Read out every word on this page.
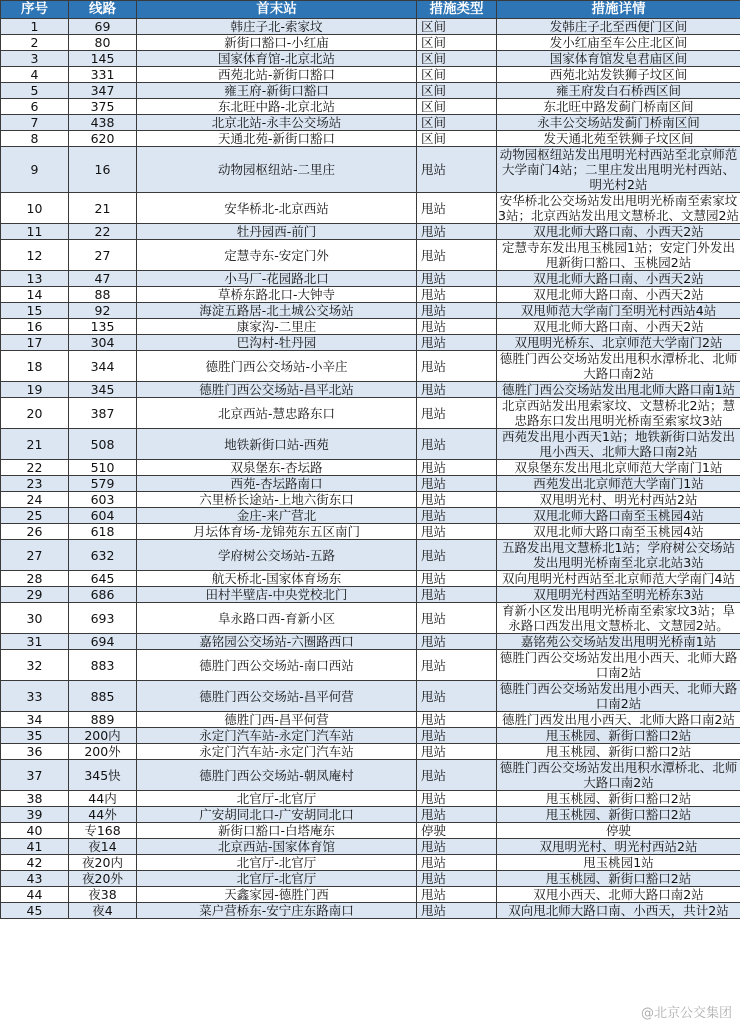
序号	线路	首末站	措施类型	措施详情
1	69	韩庄子北-索家坟	区间	发韩庄子北至西便门区间
2	80	新街口豁口-小红庙	区间	发小红庙至车公庄北区间
3	145	国家体育馆-北京北站	区间	国家体育馆发皂君庙区间
4	331	西苑北站-新街口豁口	区间	西苑北站发铁狮子坟区间
5	347	雍王府-新街口豁口	区间	雍王府发白石桥西区间
6	375	东北旺中路-北京北站	区间	东北旺中路发蓟门桥南区间
7	438	北京北站-永丰公交场站	区间	永丰公交场站发蓟门桥南区间
8	620	天通北苑-新街口豁口	区间	发天通北苑至铁狮子坟区间
9	16	动物园枢纽站-二里庄	甩站	动物园枢纽站发出甩明光村西站至北京师范大学南门4站；二里庄发出甩明光村西站、明光村2站
10	21	安华桥北-北京西站	甩站	安华桥北公交场站发出甩明光桥南至索家坟3站；北京西站发出甩文慧桥北、文慧园2站
11	22	牡丹园西-前门	甩站	双甩北师大路口南、小西天2站
12	27	定慧寺东-安定门外	甩站	定慧寺东发出甩玉桃园1站；安定门外发出甩新街口豁口、玉桃园2站
13	47	小马厂-花园路北口	甩站	双甩北师大路口南、小西天2站
14	88	草桥东路北口-大钟寺	甩站	双甩北师大路口南、小西天2站
15	92	海淀五路居-北土城公交场站	甩站	双甩师范大学南门至明光村西站4站
16	135	康家沟-二里庄	甩站	双甩北师大路口南、小西天2站
17	304	巴沟村-牡丹园	甩站	双甩明光桥东、北京师范大学南门2站
18	344	德胜门西公交场站-小辛庄	甩站	德胜门西公交场站发出甩积水潭桥北、北师大路口南2站
19	345	德胜门西公交场站-昌平北站	甩站	德胜门西公交场站发出甩北师大路口南1站
20	387	北京西站-慧忠路东口	甩站	北京西站发出甩索家坟、文慧桥北2站；慧忠路东口发出甩明光桥南至索家坟3站
21	508	地铁新街口站-西苑	甩站	西苑发出甩小西天1站；地铁新街口站发出甩小西天、北师大路口南2站
22	510	双泉堡东-杏坛路	甩站	双泉堡东发出甩北京师范大学南门1站
23	579	西苑-杏坛路南口	甩站	西苑发出北京师范大学南门1站
24	603	六里桥长途站-上地六街东口	甩站	双甩明光村、明光村西站2站
25	604	金庄-来广营北	甩站	双甩北师大路口南至玉桃园4站
26	618	月坛体育场-龙锦苑东五区南门	甩站	双甩北师大路口南至玉桃园4站
27	632	学府树公交场站-五路	甩站	五路发出甩文慧桥北1站；学府树公交场站发出甩明光桥南至北京北站3站
28	645	航天桥北-国家体育场东	甩站	双向甩明光村西站至北京师范大学南门4站
29	686	田村半壁店-中央党校北门	甩站	双甩明光村西站至明光桥东3站
30	693	阜永路口西-育新小区	甩站	育新小区发出甩明光桥南至索家坟3站；阜永路口西发出甩文慧桥北、文慧园2站。
31	694	嘉铭园公交场站-六圈路西口	甩站	嘉铭苑公交场站发出甩明光桥南1站
32	883	德胜门西公交场站-南口西站	甩站	德胜门西公交场站发出甩小西天、北师大路口南2站
33	885	德胜门西公交场站-昌平何营	甩站	德胜门西公交场站发出甩小西天、北师大路口南2站
34	889	德胜门西-昌平何营	甩站	德胜门西发出甩小西天、北师大路口南2站
35	200内	永定门汽车站-永定门汽车站	甩站	甩玉桃园、新街口豁口2站
36	200外	永定门汽车站-永定门汽车站	甩站	甩玉桃园、新街口豁口2站
37	345快	德胜门西公交场站-朝凤庵村	甩站	德胜门西公交场站发出甩积水潭桥北、北师大路口南2站
38	44内	北官厅-北官厅	甩站	甩玉桃园、新街口豁口2站
39	44外	广安胡同北口-广安胡同北口	甩站	甩玉桃园、新街口豁口2站
40	专168	新街口豁口-白塔庵东	停驶	停驶
41	夜14	北京西站-国家体育馆	甩站	双甩明光村、明光村西站2站
42	夜20内	北官厅-北官厅	甩站	甩玉桃园1站
43	夜20外	北官厅-北官厅	甩站	甩玉桃园、新街口豁口2站
44	夜38	天鑫家园-德胜门西	甩站	双甩小西天、北师大路口南2站
45	夜4	菜户营桥东-安宁庄东路南口	甩站	双向甩北师大路口南、小西天，共计2站
@北京公交集团
